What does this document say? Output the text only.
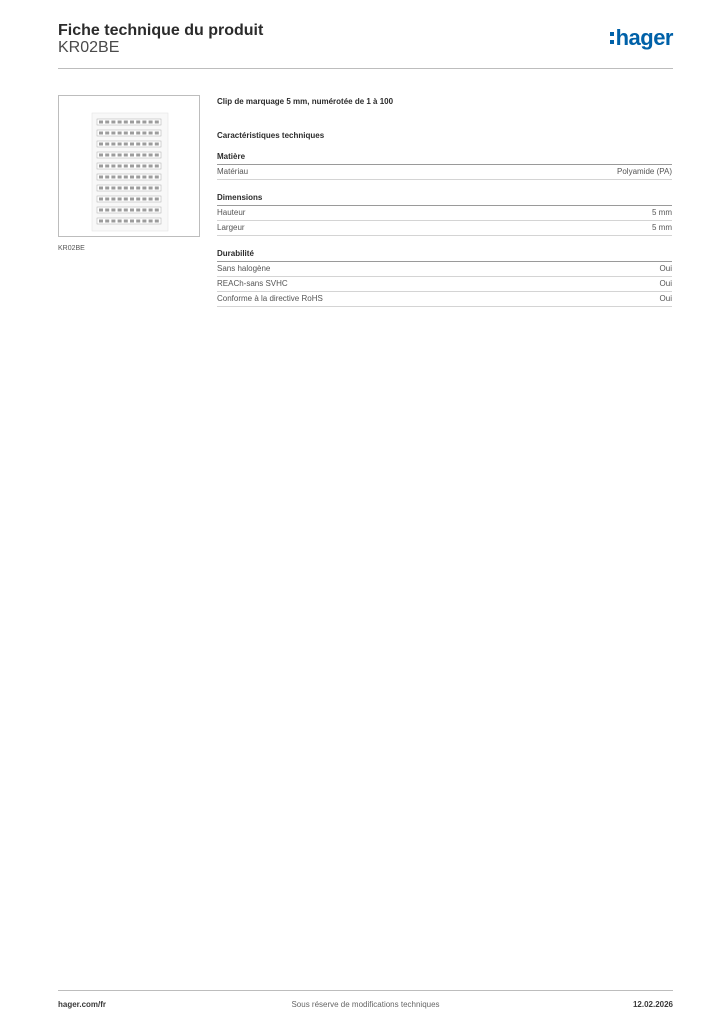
Fiche technique du produit
KR02BE	hager
KR02BE
Clip de marquage 5 mm, numérotée de 1 à 100
Caractéristiques techniques
Matière
Matériau	Polyamide (PA)
Dimensions
Hauteur	5 mm
Largeur	5 mm
Durabilité
Sans halogène	Oui
REACh-sans SVHC	Oui
Conforme à la directive RoHS	Oui
hager.com/fr	Sous réserve de modifications techniques	12.02.2026
